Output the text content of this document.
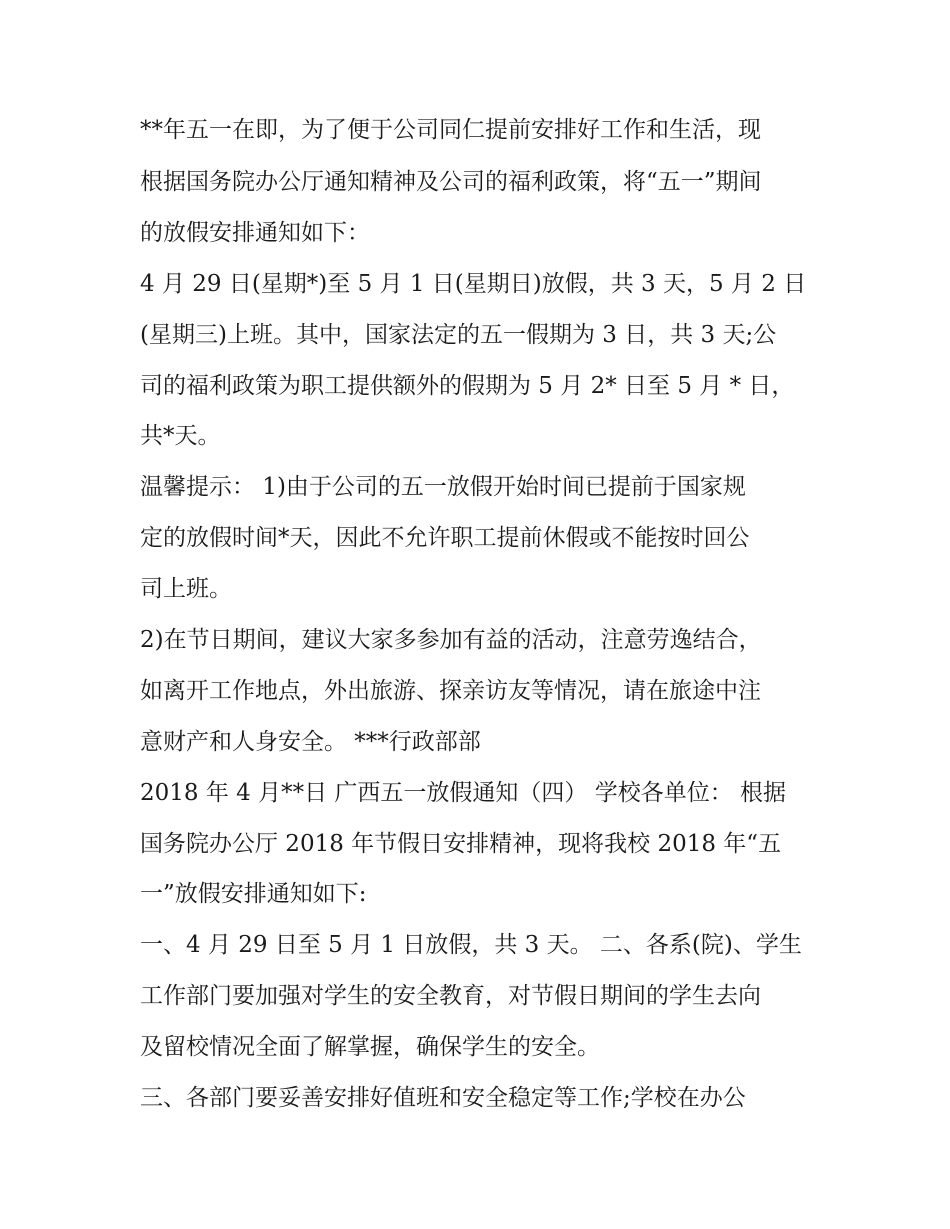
**年五一在即，为了便于公司同仁提前安排好工作和生活，现
根据国务院办公厅通知精神及公司的福利政策，将“五一”期间
的放假安排通知如下：
4 月 29 日(星期*)至 5 月 1 日(星期日)放假，共 3 天，5 月 2 日
(星期三)上班。其中，国家法定的五一假期为 3 日，共 3 天;公
司的福利政策为职工提供额外的假期为 5 月 2* 日至 5 月 * 日，
共*天。
温馨提示： 1)由于公司的五一放假开始时间已提前于国家规
定的放假时间*天，因此不允许职工提前休假或不能按时回公
司上班。
2)在节日期间，建议大家多参加有益的活动，注意劳逸结合，
如离开工作地点，外出旅游、探亲访友等情况，请在旅途中注
意财产和人身安全。 ***行政部部
2018 年 4 月**日 广西五一放假通知（四） 学校各单位： 根据
国务院办公厅 2018 年节假日安排精神，现将我校 2018 年“五
一”放假安排通知如下:
一、4 月 29 日至 5 月 1 日放假，共 3 天。 二、各系(院)、学生
工作部门要加强对学生的安全教育，对节假日期间的学生去向
及留校情况全面了解掌握，确保学生的安全。
三、各部门要妥善安排好值班和安全稳定等工作;学校在办公
